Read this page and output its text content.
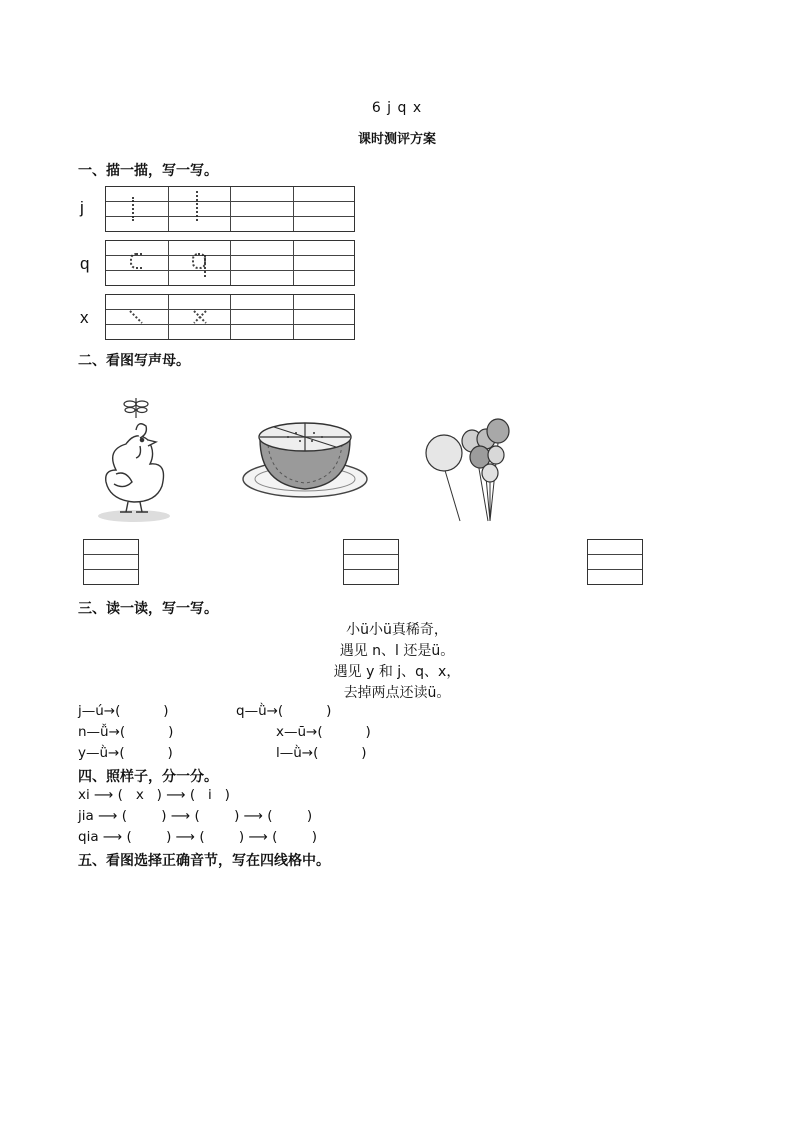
6 j q x
课时测评方案
一、描一描，写一写。
j
q
x
二、看图写声母。
三、读一读，写一写。
小ü小ü真稀奇，
遇见 n、l 还是ü。
遇见 y 和 j、q、x，
去掉两点还读ü。
j—ú→(          )	q—ǜ→(          )
n—ǚ→(          )	x—ū→(          )
y—ǜ→(          )	l—ǜ→(          )
四、照样子，分一分。
xi ⟶ (   x   ) ⟶ (   i   )
jia ⟶ (        ) ⟶ (        ) ⟶ (        )
qia ⟶ (        ) ⟶ (        ) ⟶ (        )
五、看图选择正确音节，写在四线格中。
